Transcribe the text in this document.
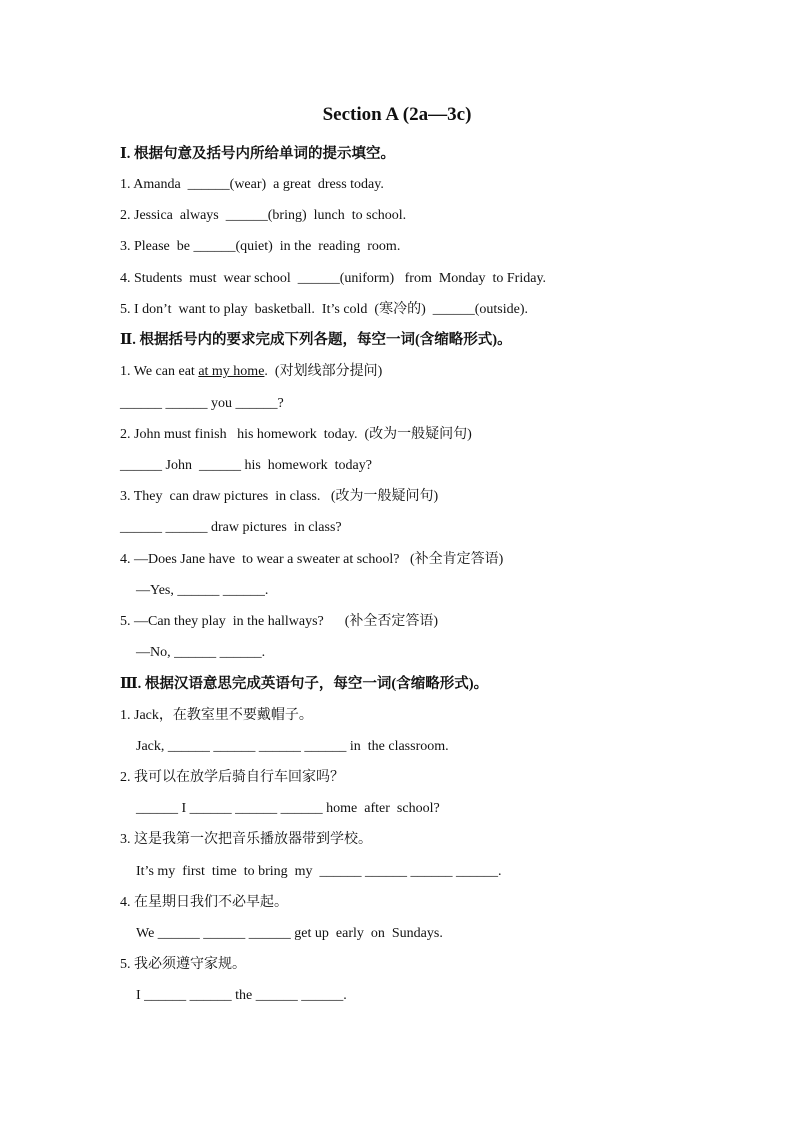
Section A (2a—3c)
Ⅰ. 根据句意及括号内所给单词的提示填空。
1. Amanda  ______(wear)  a great  dress today.
2. Jessica  always  ______(bring)  lunch  to school.
3. Please  be ______(quiet)  in the  reading  room.
4. Students  must  wear school  ______(uniform)   from  Monday  to Friday.
5. I don’t  want to play  basketball.  It’s cold  (寒冷的)  ______(outside).
Ⅱ. 根据括号内的要求完成下列各题，每空一词(含缩略形式)。
1. We can eat at my home.  (对划线部分提问)
______ ______ you ______?
2. John must finish   his homework  today.  (改为一般疑问句)
______ John  ______ his  homework  today?
3. They  can draw pictures  in class.   (改为一般疑问句)
______ ______ draw pictures  in class?
4. —Does Jane have  to wear a sweater at school?   (补全肯定答语)
—Yes, ______ ______.
5. —Can they play  in the hallways?      (补全否定答语)
—No, ______ ______.
Ⅲ. 根据汉语意思完成英语句子，每空一词(含缩略形式)。
1. Jack，在教室里不要戴帽子。
Jack, ______ ______ ______ ______ in  the classroom.
2. 我可以在放学后骑自行车回家吗？
______ I ______ ______ ______ home  after  school?
3. 这是我第一次把音乐播放器带到学校。
It’s my  first  time  to bring  my  ______ ______ ______ ______.
4. 在星期日我们不必早起。
We ______ ______ ______ get up  early  on  Sundays.
5. 我必须遵守家规。
I ______ ______ the ______ ______.
